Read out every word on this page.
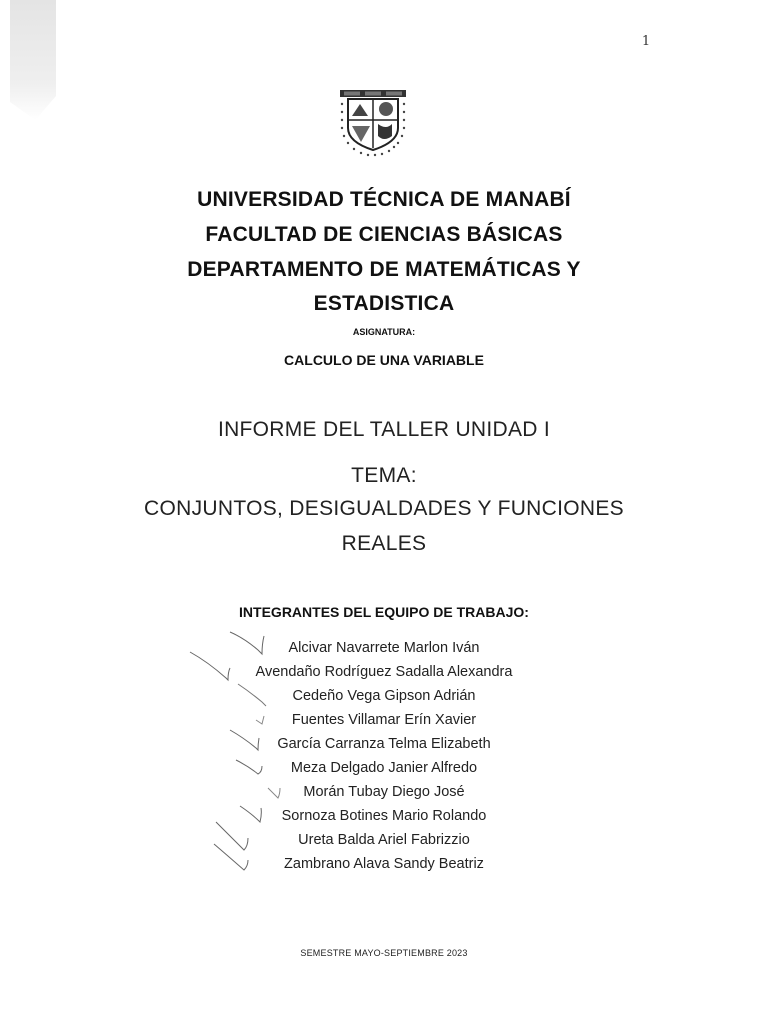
1
UNIVERSIDAD TÉCNICA DE MANABÍ
FACULTAD DE CIENCIAS BÁSICAS
DEPARTAMENTO DE MATEMÁTICAS Y
ESTADISTICA
ASIGNATURA:
CALCULO DE UNA VARIABLE
INFORME DEL TALLER UNIDAD I
TEMA:
CONJUNTOS, DESIGUALDADES Y FUNCIONES
REALES
INTEGRANTES DEL EQUIPO DE TRABAJO:
Alcivar Navarrete Marlon Iván
Avendaño Rodríguez Sadalla Alexandra
Cedeño Vega Gipson Adrián
Fuentes Villamar Erín Xavier
García Carranza Telma Elizabeth
Meza Delgado Janier Alfredo
Morán Tubay Diego José
Sornoza Botines Mario Rolando
Ureta Balda Ariel Fabrizzio
Zambrano Alava Sandy Beatriz
SEMESTRE MAYO-SEPTIEMBRE 2023
